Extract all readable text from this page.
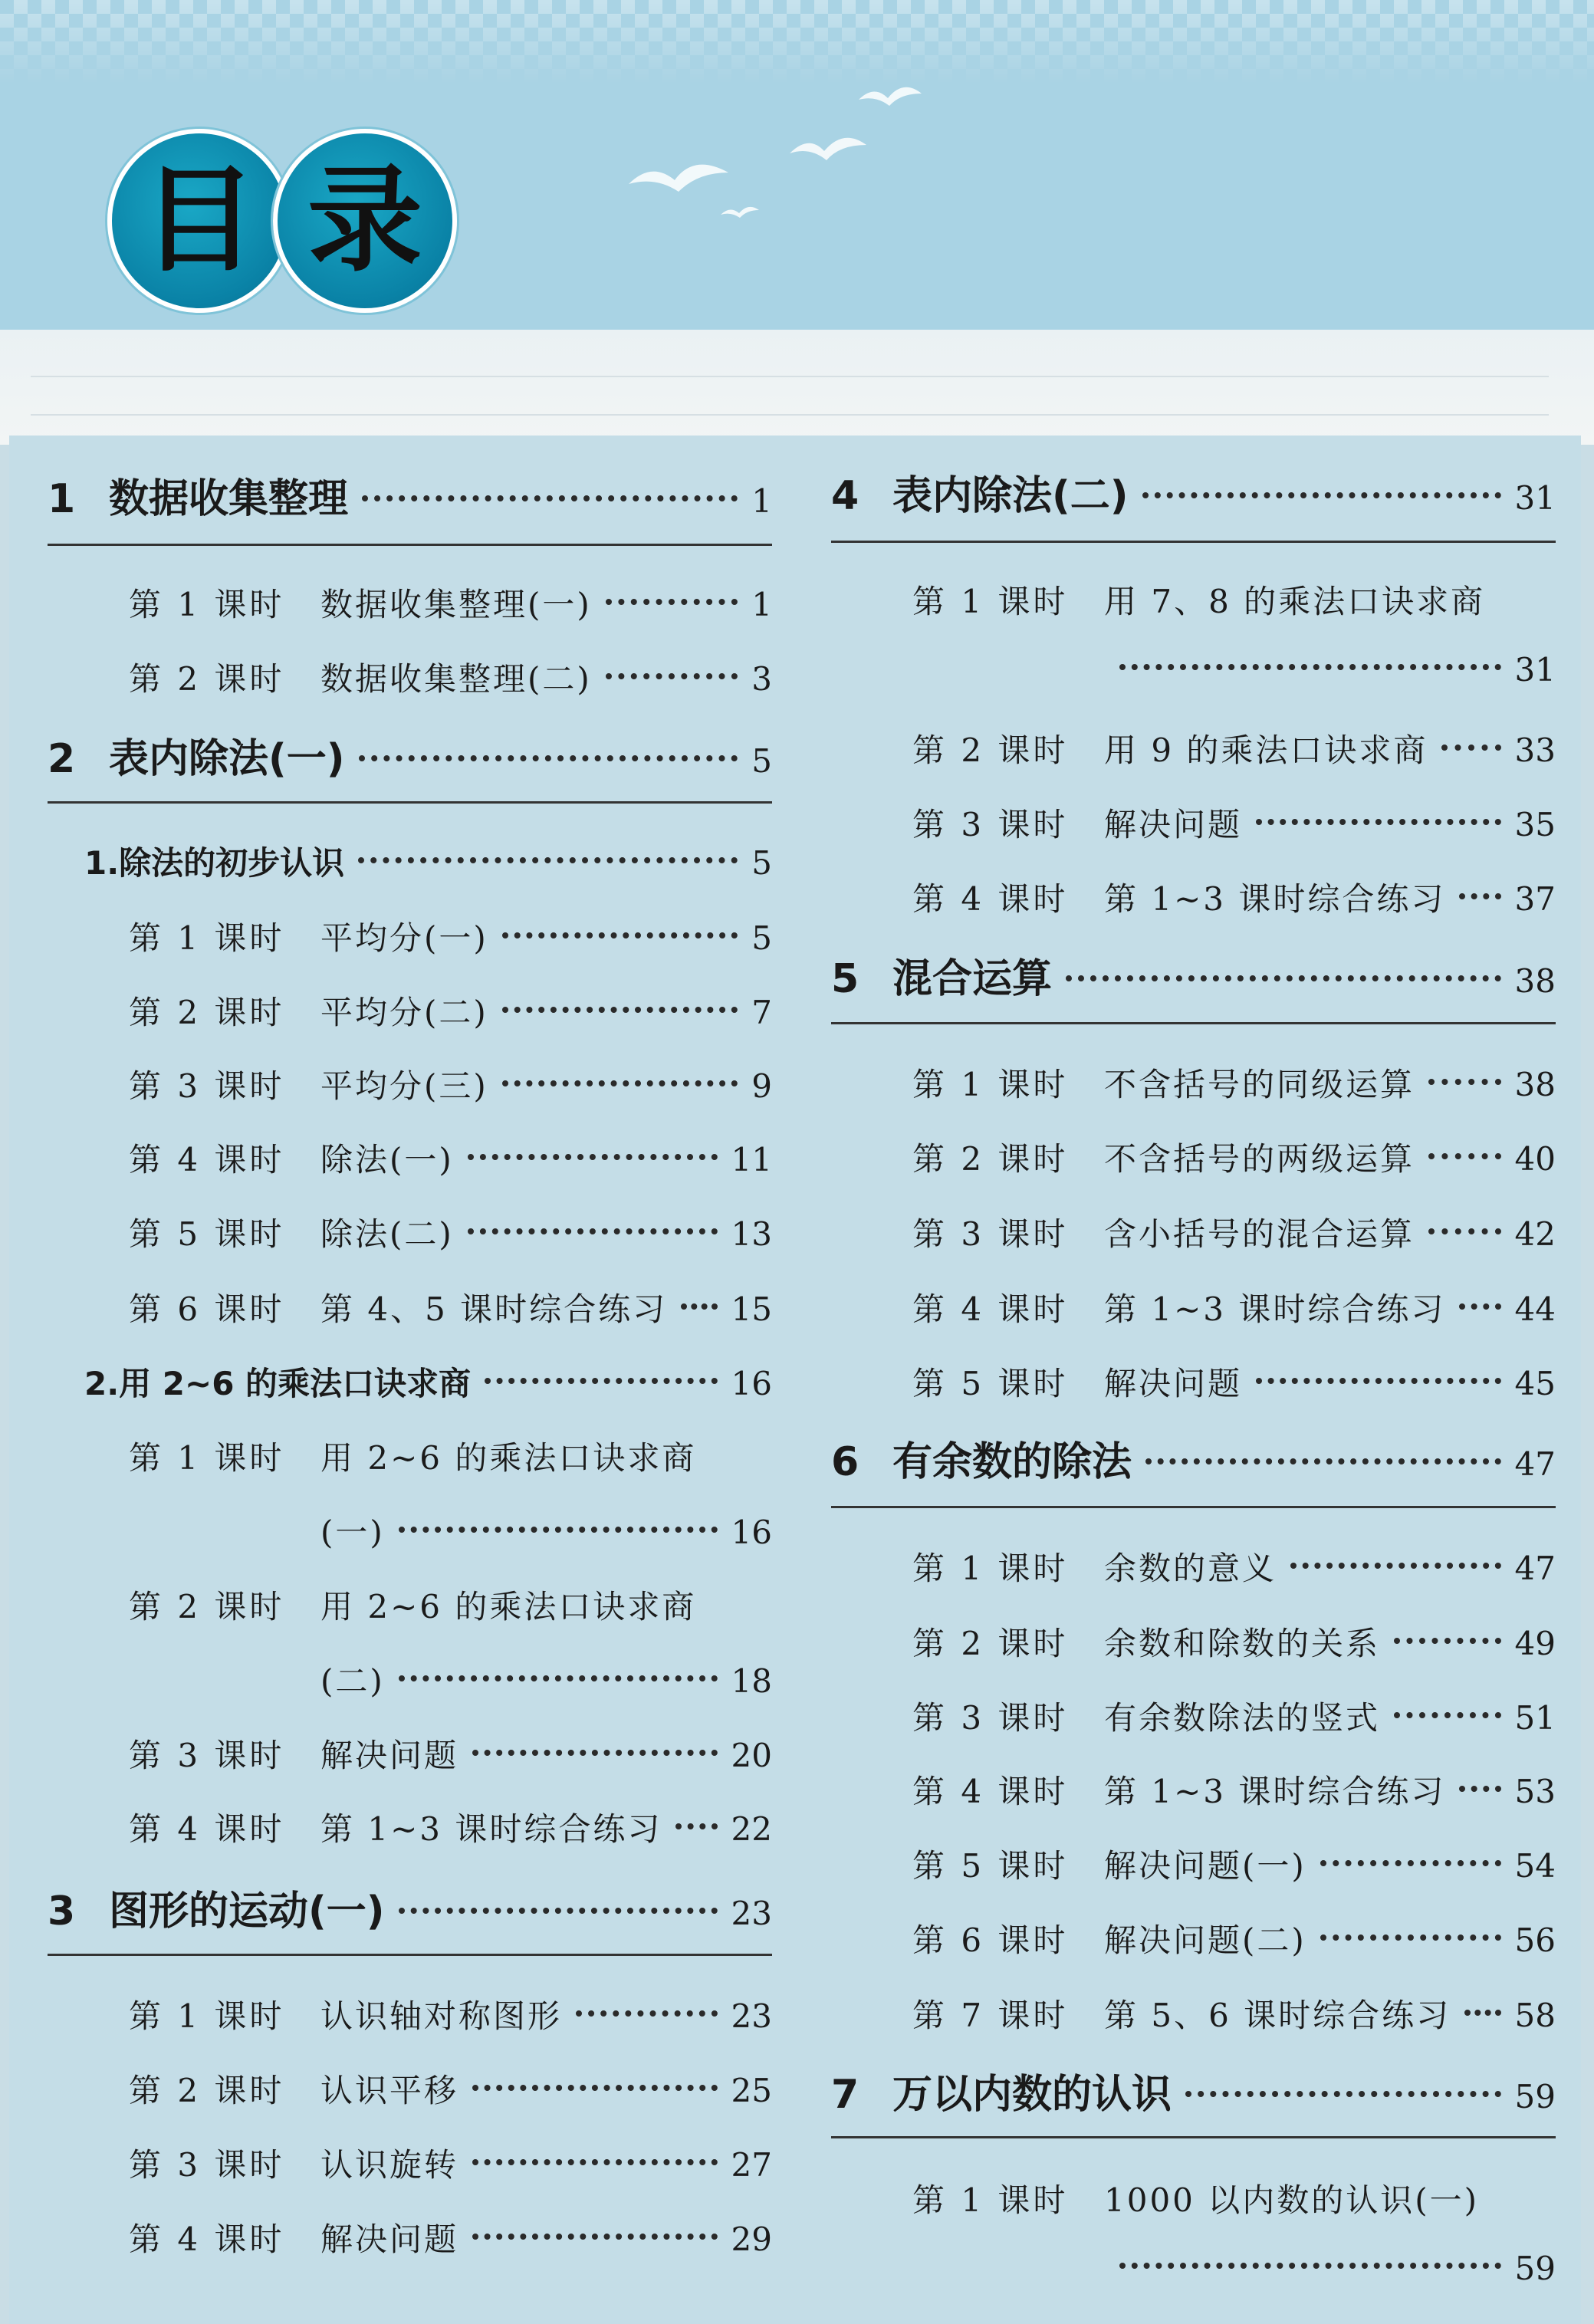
目 录
1 数据收集整理	1
第 1 课时	数据收集整理(一)	1
第 2 课时	数据收集整理(二)	3
2 表内除法(一)	5
1.除法的初步认识	5
第 1 课时	平均分(一)	5
第 2 课时	平均分(二)	7
第 3 课时	平均分(三)	9
第 4 课时	除法(一)	11
第 5 课时	除法(二)	13
第 6 课时	第 4、5 课时综合练习 15
2.用 2~6 的乘法口诀求商	16
第 1 课时	用 2~6 的乘法口诀求商
(一)	16
第 2 课时	用 2~6 的乘法口诀求商
(二)	18
第 3 课时	解决问题	20
第 4 课时	第 1~3 课时综合练习 22
3 图形的运动(一)	23
第 1 课时	认识轴对称图形	23
第 2 课时	认识平移	25
第 3 课时	认识旋转	27
第 4 课时	解决问题	29
4 表内除法(二)	31
第 1 课时	用 7、8 的乘法口诀求商
31
第 2 课时	用 9 的乘法口诀求商	33
第 3 课时	解决问题	35
第 4 课时	第 1~3 课时综合练习 37
5 混合运算	38
第 1 课时	不含括号的同级运算	38
第 2 课时	不含括号的两级运算	40
第 3 课时	含小括号的混合运算	42
第 4 课时	第 1~3 课时综合练习 44
第 5 课时	解决问题	45
6 有余数的除法	47
第 1 课时	余数的意义	47
第 2 课时	余数和除数的关系	49
第 3 课时	有余数除法的竖式	51
第 4 课时	第 1~3 课时综合练习 53
第 5 课时	解决问题(一)	54
第 6 课时	解决问题(二)	56
第 7 课时	第 5、6 课时综合练习 58
7 万以内数的认识	59
第 1 课时	1000 以内数的认识(一)
59
